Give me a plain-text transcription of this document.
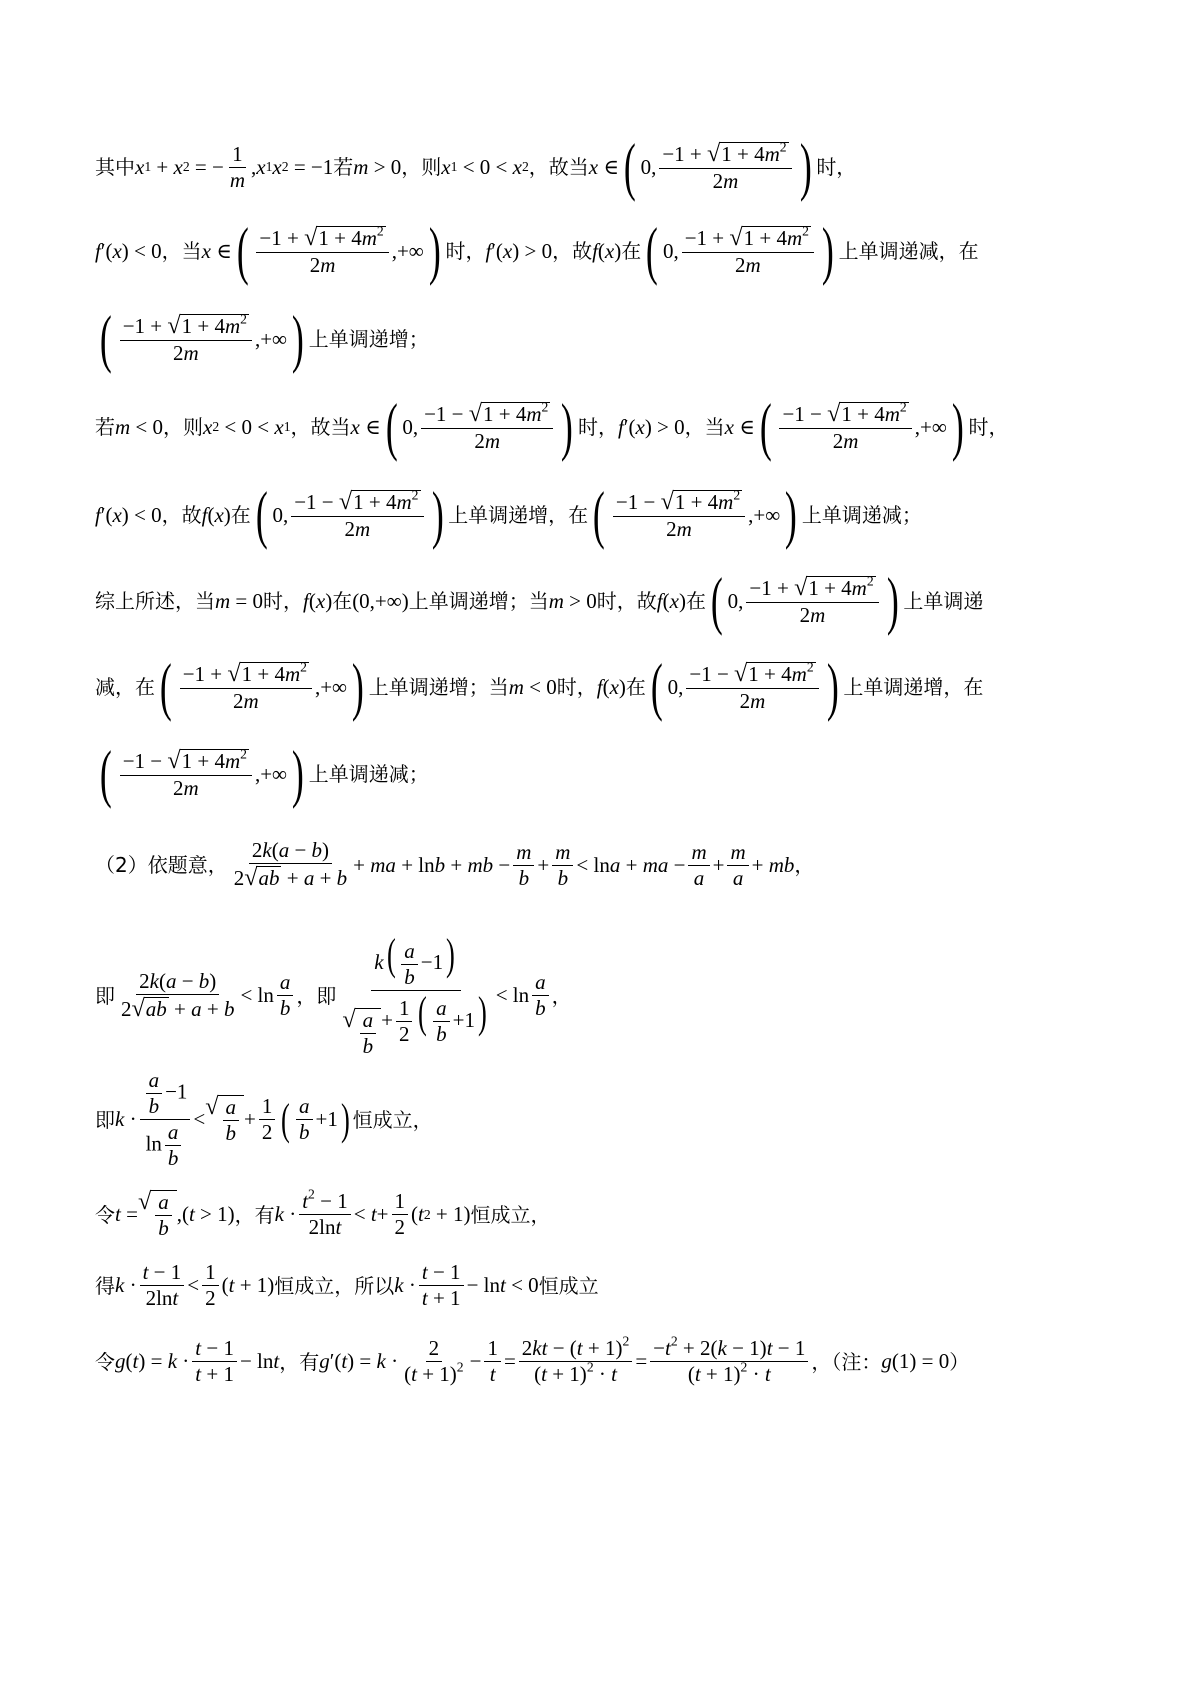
其中 x 1 + x 2 = − $\frac{1}{m}$ , x 1 x 2 = −1 若 m > 0 ，则 x 1 < 0 < x 2 ，故当 x ∈ ( 0, $\frac{-1 + √ 1 + 4m^2}{2m}$ ) 时，
f ′( x ) < 0 ，当 x ∈ ( $\frac{-1 + √ 1 + 4m^2}{2m}$ ,+∞ ) 时， f ′( x ) > 0 ，故 f ( x ) 在 ( 0, $\frac{-1 + √ 1 + 4m^2}{2m}$ ) 上单调递减，在
( $\frac{-1 + √ 1 + 4m^2}{2m}$ ,+∞ ) 上单调递增；
若 m < 0 ，则 x 2 < 0 < x 1 ，故当 x ∈ ( 0, $\frac{-1 - √ 1 + 4m^2}{2m}$ ) 时， f ′( x ) > 0 ，当 x ∈ ( $\frac{-1 - √ 1 + 4m^2}{2m}$ ,+∞ ) 时，
f ′( x ) < 0 ，故 f ( x ) 在 ( 0, $\frac{-1 - √ 1 + 4m^2}{2m}$ ) 上单调递增，在 ( $\frac{-1 - √ 1 + 4m^2}{2m}$ ,+∞ ) 上单调递减；
综上所述，当 m = 0 时， f ( x ) 在 (0,+∞) 上单调递增；当 m > 0 时，故 f ( x ) 在 ( 0, $\frac{-1 + √ 1 + 4m^2}{2m}$ ) 上单调递
减，在 ( $\frac{-1 + √ 1 + 4m^2}{2m}$ ,+∞ ) 上单调递增；当 m < 0 时， f ( x ) 在 ( 0, $\frac{-1 - √ 1 + 4m^2}{2m}$ ) 上单调递增，在
( $\frac{-1 - √ 1 + 4m^2}{2m}$ ,+∞ ) 上单调递减；
（2）依题意， $\frac{2k(a - b)}{2 √ ab + a + b}$ + ma + ln b + mb − $\frac{m}{b} + \frac{m}{b} < \ln a$ + ma − $\frac{m}{a} + \frac{m}{a}$ + mb ，
即 $\frac{2k(a - b)}{2 √ ab + a + b} < \ln \frac{a}{b}$ ，即 $\frac{k( \frac{a}{b} -1)}{√ \frac{a}{b} + \frac{1}{2} ( \frac{a}{b} +1)} < \ln \frac{a}{b}$ ，
即 $k \cdot \frac{\frac{a}{b} -1}{\ln \frac{a}{b}}$ < √ $\frac{a}{b} + \frac{1}{2}$ ( $\frac{a}{b} +1$ ) 恒成立，
令 t = √ $\frac{a}{b}$ ,( t > 1) ，有 $k \cdot \frac{t^2 - 1}{2\ln t} < t + \frac{1}{2}$ ( t 2 + 1) 恒成立，
得 $k \cdot \frac{t - 1}{2\ln t} < \frac{1}{2}$ ( t + 1) 恒成立，所以 $k \cdot \frac{t - 1}{t + 1} - \ln t < 0$ 恒成立
令 g ( t ) = $k \cdot \frac{t - 1}{t + 1} - \ln t$ ，有 g ′( t ) = $k \cdot \frac{2}{(t + 1)^2} - \frac{1}{t} = \frac{2kt - (t + 1)^2}{(t + 1)^2 \cdot t} = \frac{-t^2 + 2(k - 1)t - 1}{(t + 1)^2 \cdot t}$ ，（注： g (1) = 0 ）
